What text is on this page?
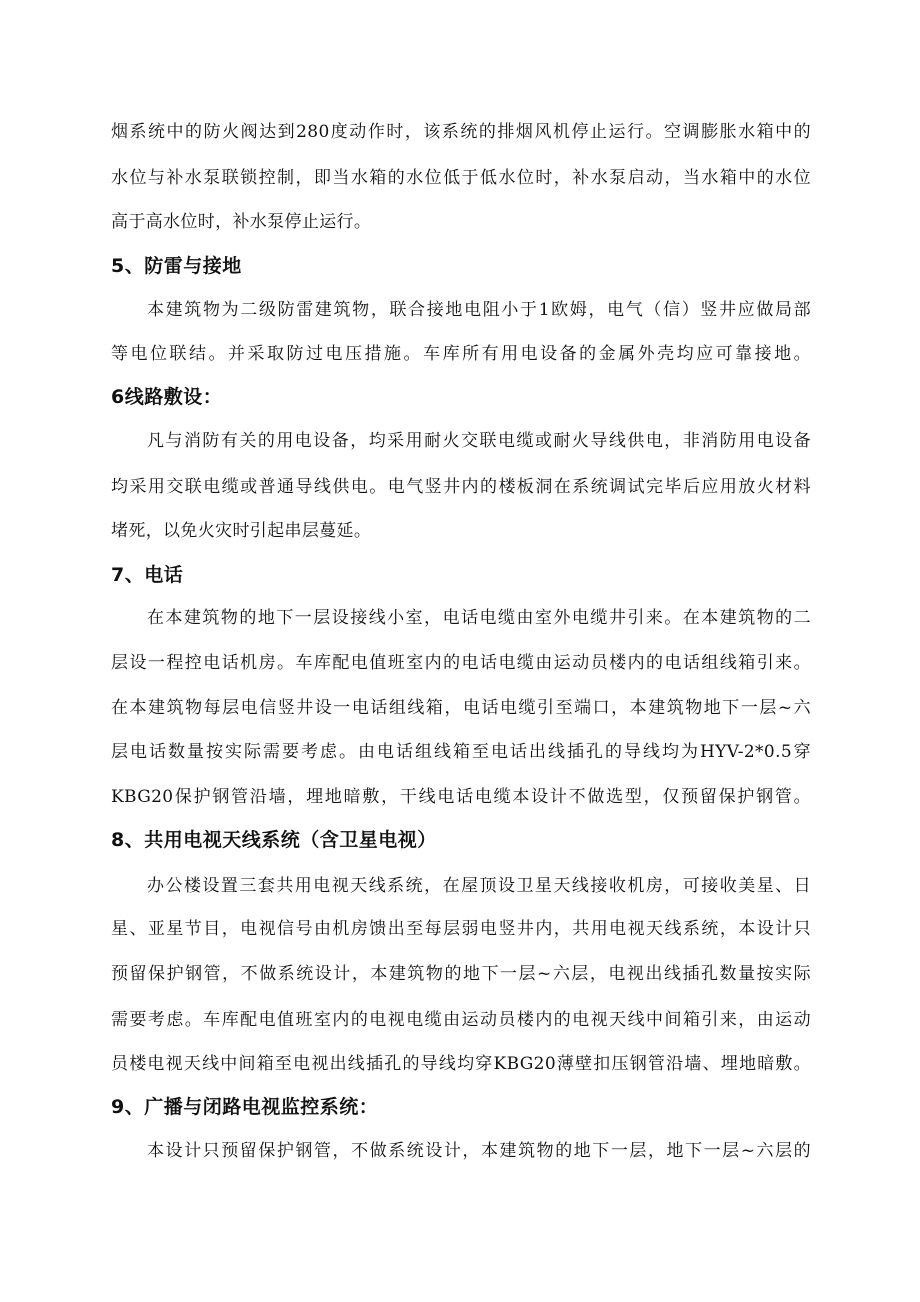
烟系统中的防火阀达到280度动作时，该系统的排烟风机停止运行。空调膨胀水箱中的
水位与补水泵联锁控制，即当水箱的水位低于低水位时，补水泵启动，当水箱中的水位
高于高水位时，补水泵停止运行。
5、防雷与接地
本建筑物为二级防雷建筑物，联合接地电阻小于1欧姆，电气（信）竖井应做局部
等电位联结。并采取防过电压措施。车库所有用电设备的金属外壳均应可靠接地。
6线路敷设：
凡与消防有关的用电设备，均采用耐火交联电缆或耐火导线供电，非消防用电设备
均采用交联电缆或普通导线供电。电气竖井内的楼板洞在系统调试完毕后应用放火材料
堵死，以免火灾时引起串层蔓延。
7、电话
在本建筑物的地下一层设接线小室，电话电缆由室外电缆井引来。在本建筑物的二
层设一程控电话机房。车库配电值班室内的电话电缆由运动员楼内的电话组线箱引来。
在本建筑物每层电信竖井设一电话组线箱，电话电缆引至端口，本建筑物地下一层~六
层电话数量按实际需要考虑。由电话组线箱至电话出线插孔的导线均为HYV-2*0.5穿
KBG20保护钢管沿墙，埋地暗敷，干线电话电缆本设计不做选型，仅预留保护钢管。
8、共用电视天线系统（含卫星电视）
办公楼设置三套共用电视天线系统，在屋顶设卫星天线接收机房，可接收美星、日
星、亚星节目，电视信号由机房馈出至每层弱电竖井内，共用电视天线系统，本设计只
预留保护钢管，不做系统设计，本建筑物的地下一层~六层，电视出线插孔数量按实际
需要考虑。车库配电值班室内的电视电缆由运动员楼内的电视天线中间箱引来，由运动
员楼电视天线中间箱至电视出线插孔的导线均穿KBG20薄壁扣压钢管沿墙、埋地暗敷。
9、广播与闭路电视监控系统：
本设计只预留保护钢管，不做系统设计，本建筑物的地下一层，地下一层~六层的
